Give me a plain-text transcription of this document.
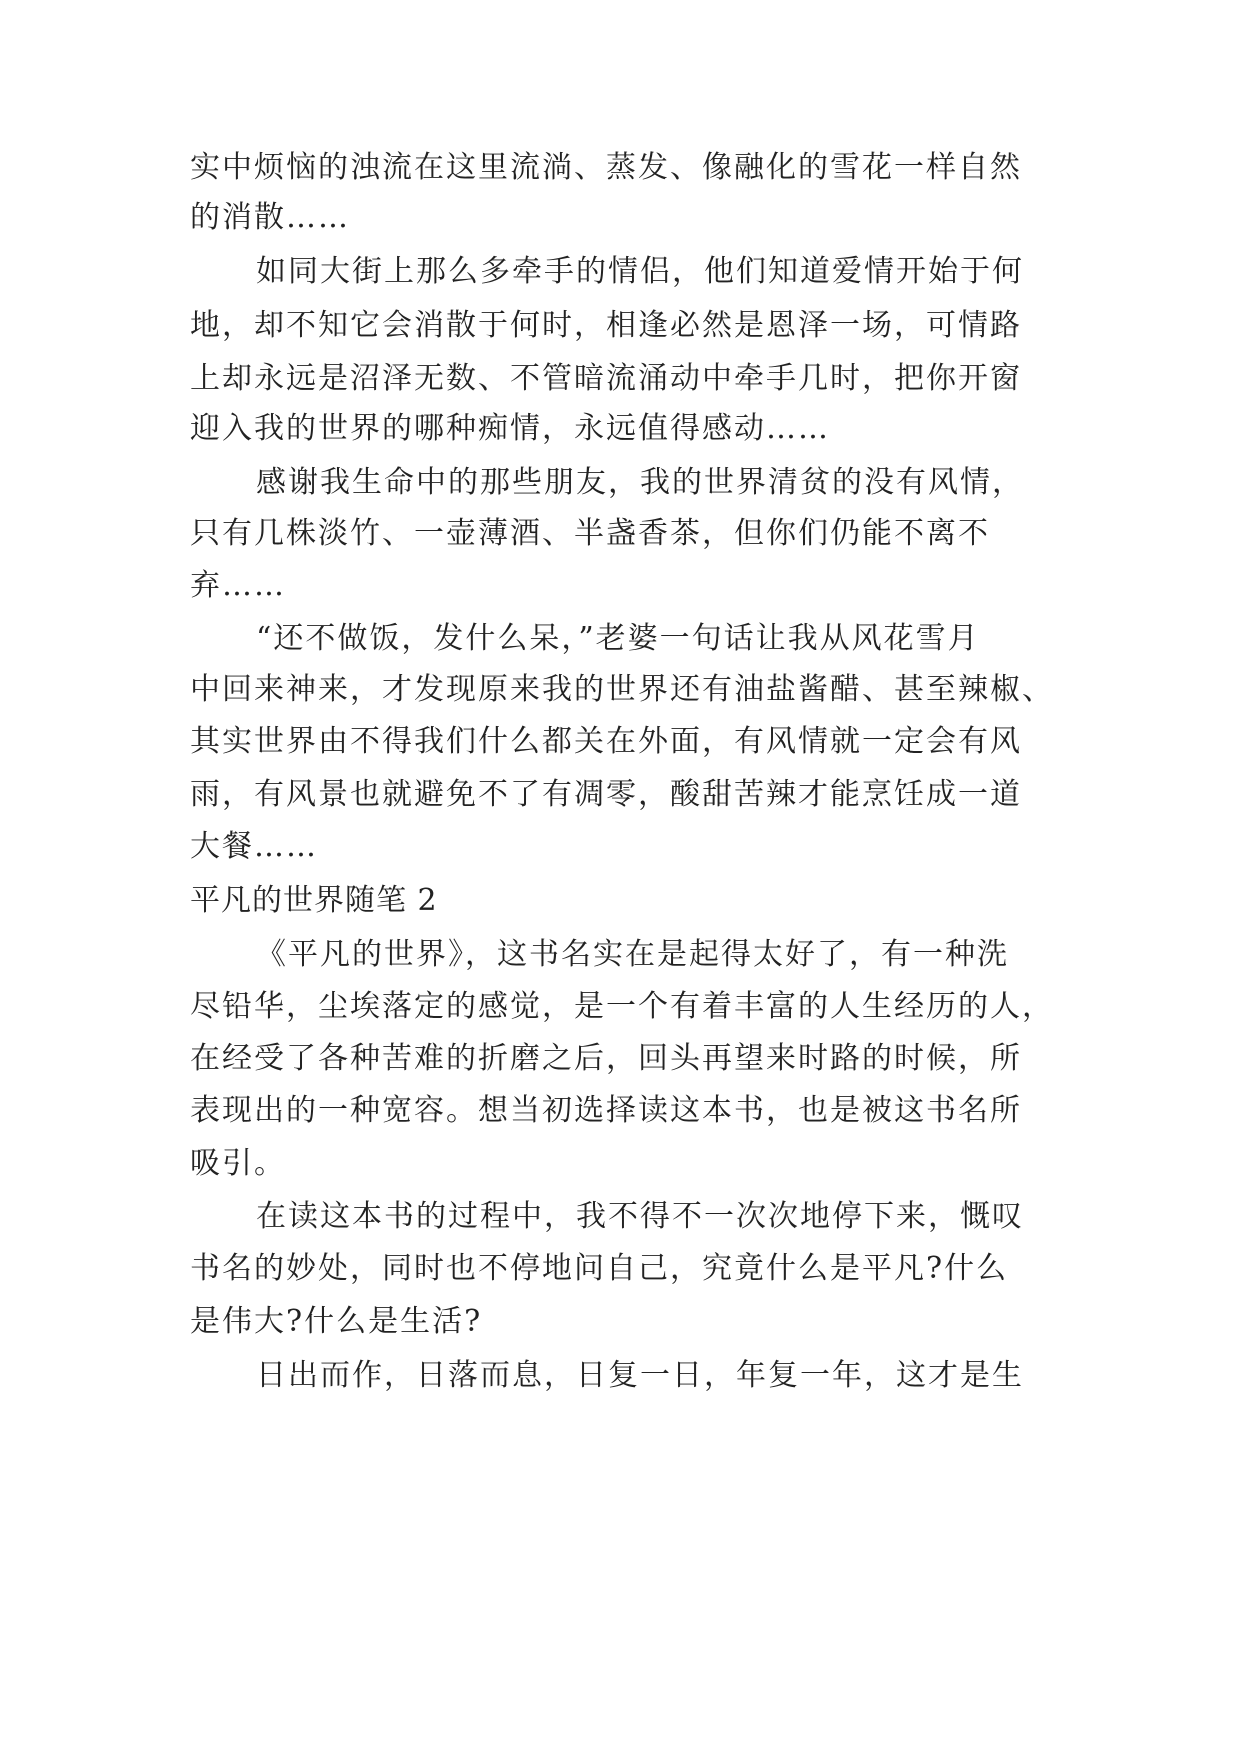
实中烦恼的浊流在这里流淌、蒸发、像融化的雪花一样自然
的消散……
如同大街上那么多牵手的情侣，他们知道爱情开始于何
地，却不知它会消散于何时，相逢必然是恩泽一场，可情路
上却永远是沼泽无数、不管暗流涌动中牵手几时，把你开窗
迎入我的世界的哪种痴情，永远值得感动……
感谢我生命中的那些朋友，我的世界清贫的没有风情，
只有几株淡竹、一壶薄酒、半盏香茶，但你们仍能不离不
弃……
“还不做饭，发什么呆，”老婆一句话让我从风花雪月
中回来神来，才发现原来我的世界还有油盐酱醋、甚至辣椒、
其实世界由不得我们什么都关在外面，有风情就一定会有风
雨，有风景也就避免不了有凋零，酸甜苦辣才能烹饪成一道
大餐……
平凡的世界随笔 2
《平凡的世界》，这书名实在是起得太好了，有一种洗
尽铅华，尘埃落定的感觉，是一个有着丰富的人生经历的人，
在经受了各种苦难的折磨之后，回头再望来时路的时候，所
表现出的一种宽容。想当初选择读这本书，也是被这书名所
吸引。
在读这本书的过程中，我不得不一次次地停下来，慨叹
书名的妙处，同时也不停地问自己，究竟什么是平凡?什么
是伟大?什么是生活?
日出而作，日落而息，日复一日，年复一年，这才是生
